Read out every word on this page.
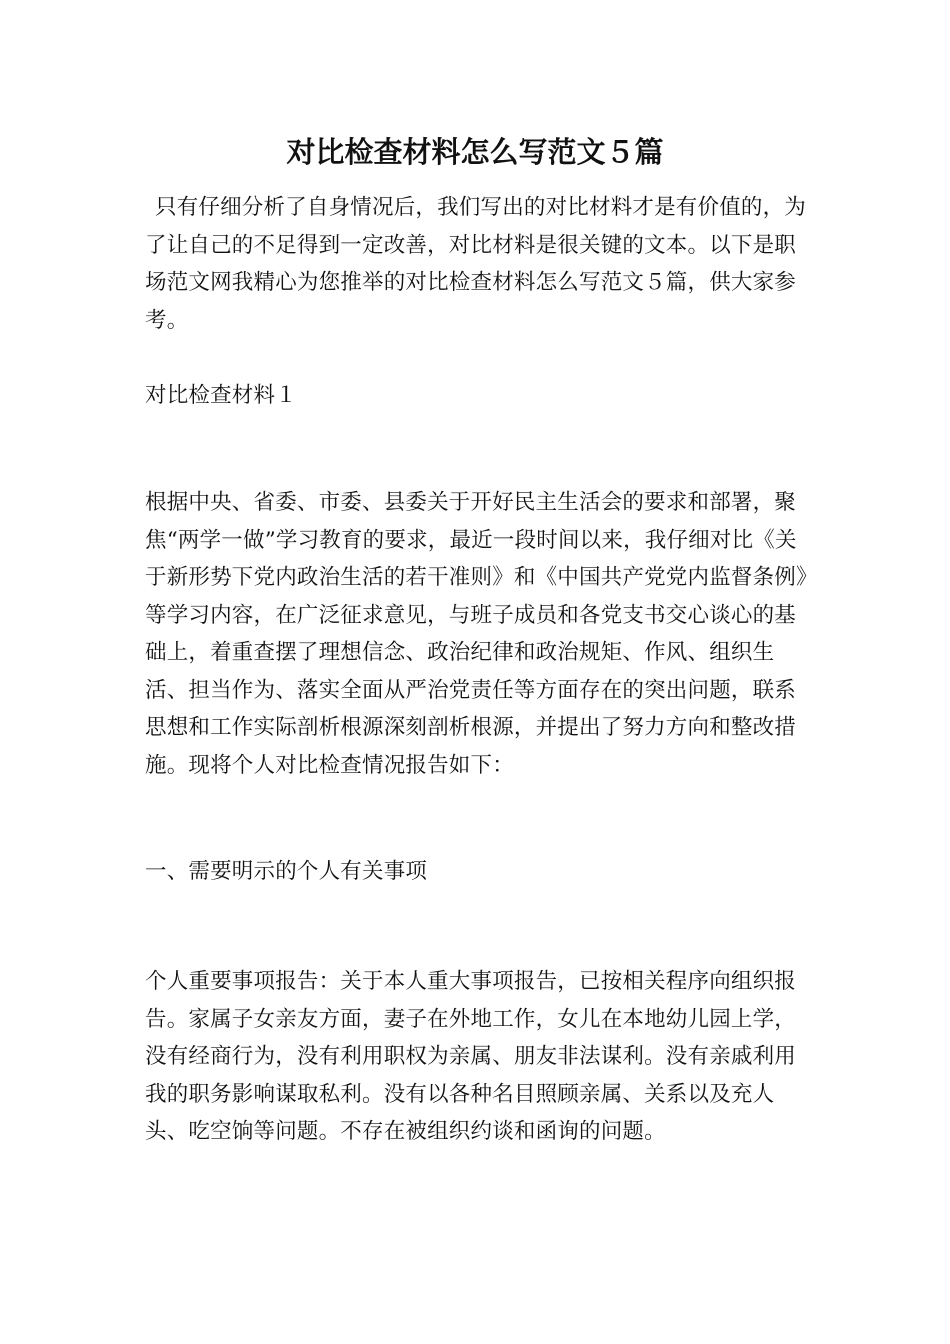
对比检查材料怎么写范文５篇

只有仔细分析了自身情况后，我们写出的对比材料才是有价值的，为了让自己的不足得到一定改善，对比材料是很关键的文本。以下是职场范文网我精心为您推举的对比检查材料怎么写范文５篇，供大家参考。

对比检查材料１

根据中央、省委、市委、县委关于开好民主生活会的要求和部署，聚焦“两学一做”学习教育的要求，最近一段时间以来，我仔细对比《关于新形势下党内政治生活的若干准则》和《中国共产党党内监督条例》等学习内容，在广泛征求意见，与班子成员和各党支书交心谈心的基础上，着重查摆了理想信念、政治纪律和政治规矩、作风、组织生活、担当作为、落实全面从严治党责任等方面存在的突出问题，联系思想和工作实际剖析根源深刻剖析根源，并提出了努力方向和整改措施。现将个人对比检查情况报告如下：

一、需要明示的个人有关事项

个人重要事项报告：关于本人重大事项报告，已按相关程序向组织报告。家属子女亲友方面，妻子在外地工作，女儿在本地幼儿园上学，没有经商行为，没有利用职权为亲属、朋友非法谋利。没有亲戚利用我的职务影响谋取私利。没有以各种名目照顾亲属、关系以及充人头、吃空饷等问题。不存在被组织约谈和函询的问题。
